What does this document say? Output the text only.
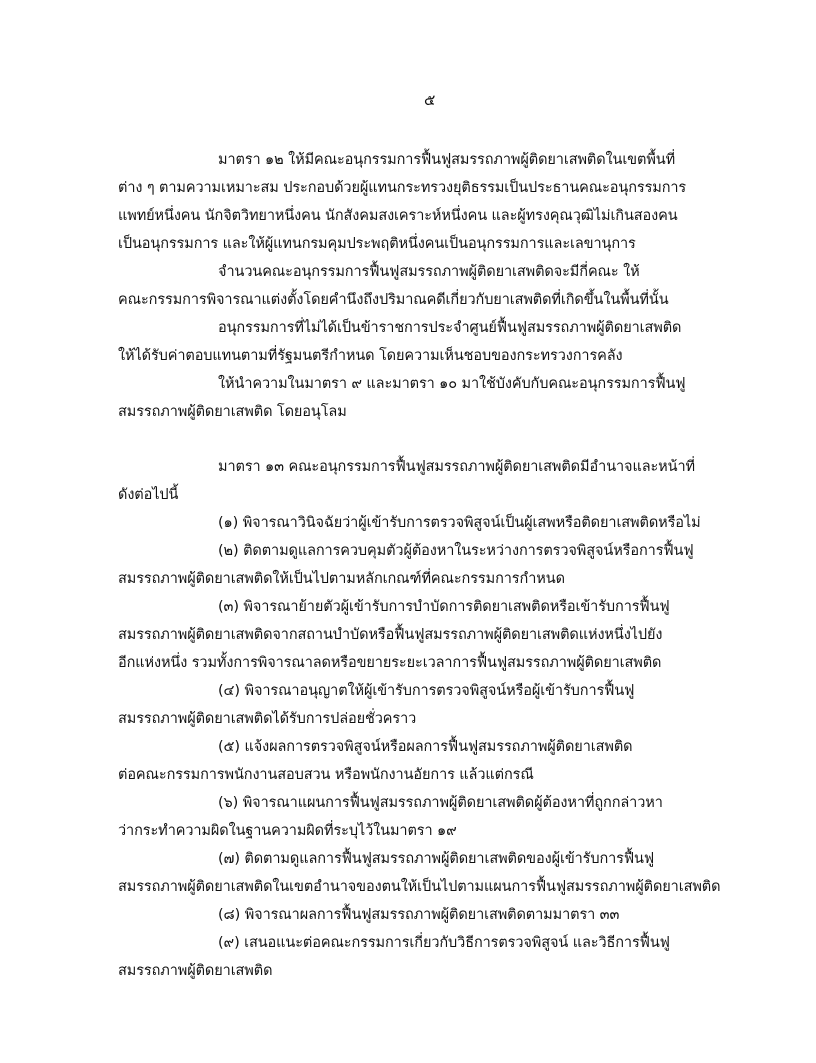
๕
มาตรา ๑๒ ให้มีคณะอนุกรรมการฟื้นฟูสมรรถภาพผู้ติดยาเสพติดในเขตพื้นที่
ต่าง ๆ ตามความเหมาะสม ประกอบด้วยผู้แทนกระทรวงยุติธรรมเป็นประธานคณะอนุกรรมการ
แพทย์หนึ่งคน นักจิตวิทยาหนึ่งคน นักสังคมสงเคราะห์หนึ่งคน และผู้ทรงคุณวุฒิไม่เกินสองคน
เป็นอนุกรรมการ และให้ผู้แทนกรมคุมประพฤติหนึ่งคนเป็นอนุกรรมการและเลขานุการ
จำนวนคณะอนุกรรมการฟื้นฟูสมรรถภาพผู้ติดยาเสพติดจะมีกี่คณะ ให้
คณะกรรมการพิจารณาแต่งตั้งโดยคำนึงถึงปริมาณคดีเกี่ยวกับยาเสพติดที่เกิดขึ้นในพื้นที่นั้น
อนุกรรมการที่ไม่ได้เป็นข้าราชการประจำศูนย์ฟื้นฟูสมรรถภาพผู้ติดยาเสพติด
ให้ได้รับค่าตอบแทนตามที่รัฐมนตรีกำหนด โดยความเห็นชอบของกระทรวงการคลัง
ให้นำความในมาตรา ๙ และมาตรา ๑๐ มาใช้บังคับกับคณะอนุกรรมการฟื้นฟู
สมรรถภาพผู้ติดยาเสพติด โดยอนุโลม
มาตรา ๑๓ คณะอนุกรรมการฟื้นฟูสมรรถภาพผู้ติดยาเสพติดมีอำนาจและหน้าที่
ดังต่อไปนี้
(๑) พิจารณาวินิจฉัยว่าผู้เข้ารับการตรวจพิสูจน์เป็นผู้เสพหรือติดยาเสพติดหรือไม่
(๒) ติดตามดูแลการควบคุมตัวผู้ต้องหาในระหว่างการตรวจพิสูจน์หรือการฟื้นฟู
สมรรถภาพผู้ติดยาเสพติดให้เป็นไปตามหลักเกณฑ์ที่คณะกรรมการกำหนด
(๓) พิจารณาย้ายตัวผู้เข้ารับการบำบัดการติดยาเสพติดหรือเข้ารับการฟื้นฟู
สมรรถภาพผู้ติดยาเสพติดจากสถานบำบัดหรือฟื้นฟูสมรรถภาพผู้ติดยาเสพติดแห่งหนึ่งไปยัง
อีกแห่งหนึ่ง รวมทั้งการพิจารณาลดหรือขยายระยะเวลาการฟื้นฟูสมรรถภาพผู้ติดยาเสพติด
(๔) พิจารณาอนุญาตให้ผู้เข้ารับการตรวจพิสูจน์หรือผู้เข้ารับการฟื้นฟู
สมรรถภาพผู้ติดยาเสพติดได้รับการปล่อยชั่วคราว
(๕) แจ้งผลการตรวจพิสูจน์หรือผลการฟื้นฟูสมรรถภาพผู้ติดยาเสพติด
ต่อคณะกรรมการพนักงานสอบสวน หรือพนักงานอัยการ แล้วแต่กรณี
(๖) พิจารณาแผนการฟื้นฟูสมรรถภาพผู้ติดยาเสพติดผู้ต้องหาที่ถูกกล่าวหา
ว่ากระทำความผิดในฐานความผิดที่ระบุไว้ในมาตรา ๑๙
(๗) ติดตามดูแลการฟื้นฟูสมรรถภาพผู้ติดยาเสพติดของผู้เข้ารับการฟื้นฟู
สมรรถภาพผู้ติดยาเสพติดในเขตอำนาจของตนให้เป็นไปตามแผนการฟื้นฟูสมรรถภาพผู้ติดยาเสพติด
(๘) พิจารณาผลการฟื้นฟูสมรรถภาพผู้ติดยาเสพติดตามมาตรา ๓๓
(๙) เสนอแนะต่อคณะกรรมการเกี่ยวกับวิธีการตรวจพิสูจน์ และวิธีการฟื้นฟู
สมรรถภาพผู้ติดยาเสพติด
